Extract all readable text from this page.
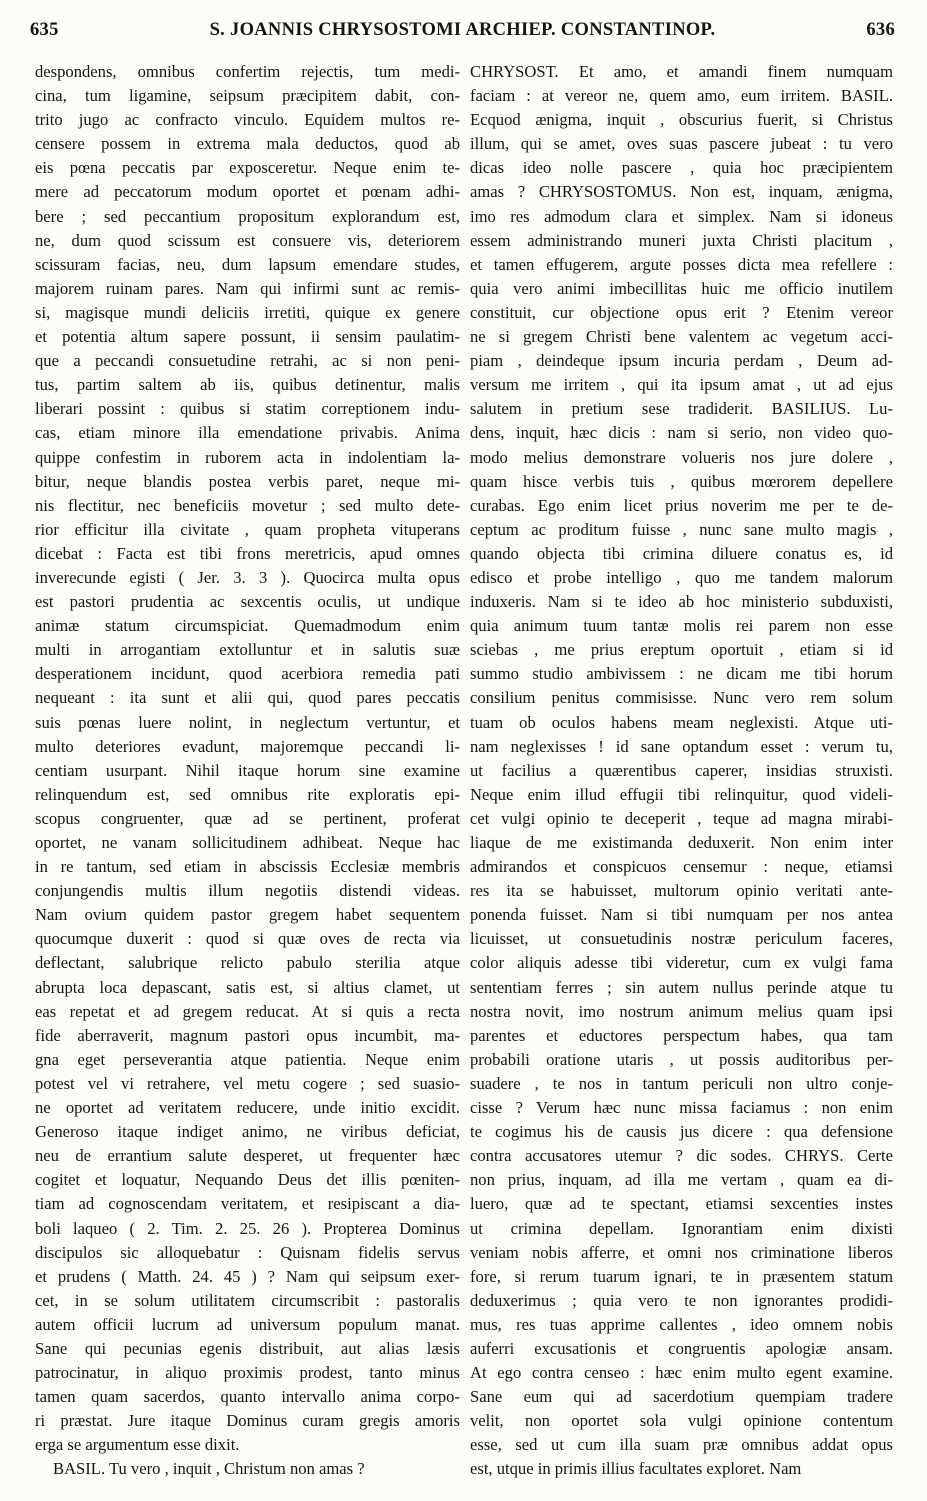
635	S. JOANNIS CHRYSOSTOMI ARCHIEP. CONSTANTINOP.	636
despondens, omnibus confertim rejectis, tum medi-
cina, tum ligamine, seipsum præcipitem dabit, con-
trito jugo ac confracto vinculo. Equidem multos re-
censere possem in extrema mala deductos, quod ab
eis pœna peccatis par exposceretur. Neque enim te-
mere ad peccatorum modum oportet et pœnam adhi-
bere ; sed peccantium propositum explorandum est,
ne, dum quod scissum est consuere vis, deteriorem
scissuram facias, neu, dum lapsum emendare studes,
majorem ruinam pares. Nam qui infirmi sunt ac remis-
si, magisque mundi deliciis irretiti, quique ex genere
et potentia altum sapere possunt, ii sensim paulatim-
que a peccandi consuetudine retrahi, ac si non peni-
tus, partim saltem ab iis, quibus detinentur, malis
liberari possint : quibus si statim correptionem indu-
cas, etiam minore illa emendatione privabis. Anima
quippe confestim in ruborem acta in indolentiam la-
bitur, neque blandis postea verbis paret, neque mi-
nis flectitur, nec beneficiis movetur ; sed multo dete-
rior efficitur illa civitate , quam propheta vituperans
dicebat : Facta est tibi frons meretricis, apud omnes
inverecunde egisti ( Jer. 3. 3 ). Quocirca multa opus
est pastori prudentia ac sexcentis oculis, ut undique
animæ statum circumspiciat. Quemadmodum enim
multi in arrogantiam extolluntur et in salutis suæ
desperationem incidunt, quod acerbiora remedia pati
nequeant : ita sunt et alii qui, quod pares peccatis
suis pœnas luere nolint, in neglectum vertuntur, et
multo deteriores evadunt, majoremque peccandi li-
centiam usurpant. Nihil itaque horum sine examine
relinquendum est, sed omnibus rite exploratis epi-
scopus congruenter, quæ ad se pertinent, proferat
oportet, ne vanam sollicitudinem adhibeat. Neque hac
in re tantum, sed etiam in abscissis Ecclesiæ membris
conjungendis multis illum negotiis distendi videas.
Nam ovium quidem pastor gregem habet sequentem
quocumque duxerit : quod si quæ oves de recta via
deflectant, salubrique relicto pabulo sterilia atque
abrupta loca depascant, satis est, si altius clamet, ut
eas repetat et ad gregem reducat. At si quis a recta
fide aberraverit, magnum pastori opus incumbit, ma-
gna eget perseverantia atque patientia. Neque enim
potest vel vi retrahere, vel metu cogere ; sed suasio-
ne oportet ad veritatem reducere, unde initio excidit.
Generoso itaque indiget animo, ne viribus deficiat,
neu de errantium salute desperet, ut frequenter hæc
cogitet et loquatur, Nequando Deus det illis pœniten-
tiam ad cognoscendam veritatem, et resipiscant a dia-
boli laqueo ( 2. Tim. 2. 25. 26 ). Propterea Dominus
discipulos sic alloquebatur : Quisnam fidelis servus
et prudens ( Matth. 24. 45 ) ? Nam qui seipsum exer-
cet, in se solum utilitatem circumscribit : pastoralis
autem officii lucrum ad universum populum manat.
Sane qui pecunias egenis distribuit, aut alias læsis
patrocinatur, in aliquo proximis prodest, tanto minus
tamen quam sacerdos, quanto intervallo anima corpo-
ri præstat. Jure itaque Dominus curam gregis amoris
erga se argumentum esse dixit.
BASIL. Tu vero , inquit , Christum non amas ?
CHRYSOST. Et amo, et amandi finem numquam
faciam : at vereor ne, quem amo, eum irritem. BASIL.
Ecquod ænigma, inquit , obscurius fuerit, si Christus
illum, qui se amet, oves suas pascere jubeat : tu vero
dicas ideo nolle pascere , quia hoc præcipientem
amas ? CHRYSOSTOMUS. Non est, inquam, ænigma,
imo res admodum clara et simplex. Nam si idoneus
essem administrando muneri juxta Christi placitum ,
et tamen effugerem, argute posses dicta mea refellere :
quia vero animi imbecillitas huic me officio inutilem
constituit, cur objectione opus erit ? Etenim vereor
ne si gregem Christi bene valentem ac vegetum acci-
piam , deindeque ipsum incuria perdam , Deum ad-
versum me irritem , qui ita ipsum amat , ut ad ejus
salutem in pretium sese tradiderit. BASILIUS. Lu-
dens, inquit, hæc dicis : nam si serio, non video quo-
modo melius demonstrare volueris nos jure dolere ,
quam hisce verbis tuis , quibus mœrorem depellere
curabas. Ego enim licet prius noverim me per te de-
ceptum ac proditum fuisse , nunc sane multo magis ,
quando objecta tibi crimina diluere conatus es, id
edisco et probe intelligo , quo me tandem malorum
induxeris. Nam si te ideo ab hoc ministerio subduxisti,
quia animum tuum tantæ molis rei parem non esse
sciebas , me prius ereptum oportuit , etiam si id
summo studio ambivissem : ne dicam me tibi horum
consilium penitus commisisse. Nunc vero rem solum
tuam ob oculos habens meam neglexisti. Atque uti-
nam neglexisses ! id sane optandum esset : verum tu,
ut facilius a quærentibus caperer, insidias struxisti.
Neque enim illud effugii tibi relinquitur, quod videli-
cet vulgi opinio te deceperit , teque ad magna mirabi-
liaque de me existimanda deduxerit. Non enim inter
admirandos et conspicuos censemur : neque, etiamsi
res ita se habuisset, multorum opinio veritati ante-
ponenda fuisset. Nam si tibi numquam per nos antea
licuisset, ut consuetudinis nostræ periculum faceres,
color aliquis adesse tibi videretur, cum ex vulgi fama
sententiam ferres ; sin autem nullus perinde atque tu
nostra novit, imo nostrum animum melius quam ipsi
parentes et eductores perspectum habes, qua tam
probabili oratione utaris , ut possis auditoribus per-
suadere , te nos in tantum periculi non ultro conje-
cisse ? Verum hæc nunc missa faciamus : non enim
te cogimus his de causis jus dicere : qua defensione
contra accusatores utemur ? dic sodes. CHRYS. Certe
non prius, inquam, ad illa me vertam , quam ea di-
luero, quæ ad te spectant, etiamsi sexcenties instes
ut crimina depellam. Ignorantiam enim dixisti
veniam nobis afferre, et omni nos criminatione liberos
fore, si rerum tuarum ignari, te in præsentem statum
deduxerimus ; quia vero te non ignorantes prodidi-
mus, res tuas apprime callentes , ideo omnem nobis
auferri excusationis et congruentis apologiæ ansam.
At ego contra censeo : hæc enim multo egent examine.
Sane eum qui ad sacerdotium quempiam tradere
velit, non oportet sola vulgi opinione contentum
esse, sed ut cum illa suam præ omnibus addat opus
est, utque in primis illius facultates exploret. Nam
